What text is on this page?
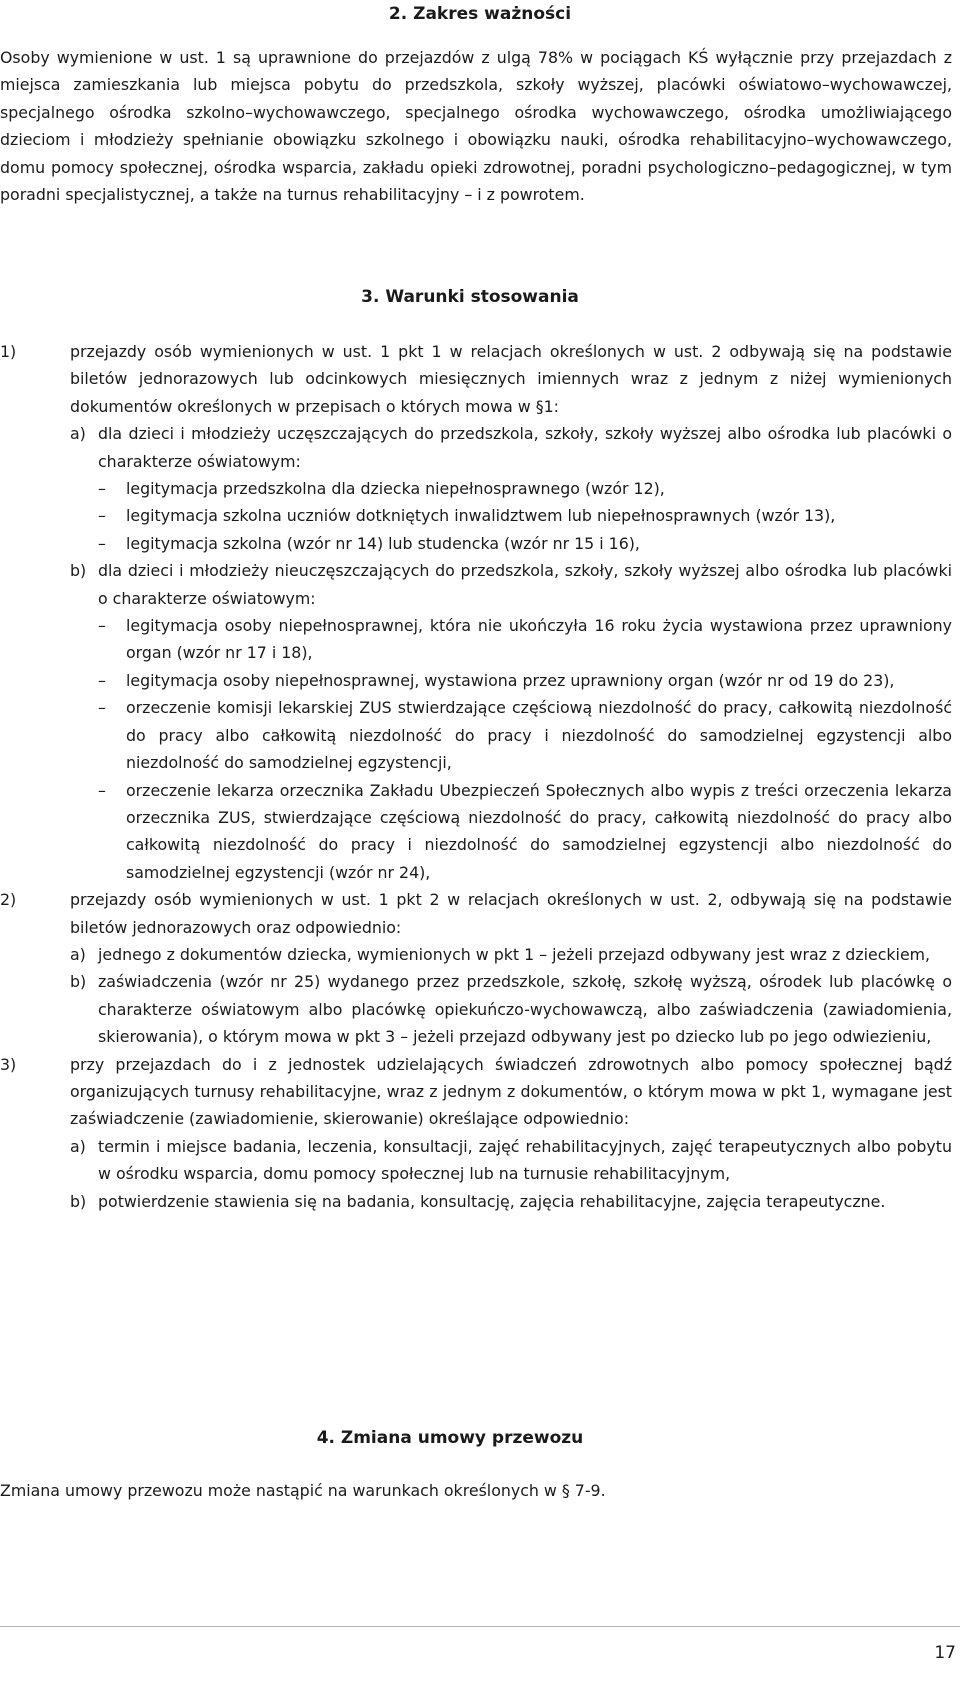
2. Zakres ważności

Osoby wymienione w ust. 1 są uprawnione do przejazdów z ulgą 78% w pociągach KŚ wyłącznie przy przejazdach z miejsca zamieszkania lub miejsca pobytu do przedszkola, szkoły wyższej, placówki oświatowo–wychowawczej, specjalnego ośrodka szkolno–wychowawczego, specjalnego ośrodka wychowawczego, ośrodka umożliwiającego dzieciom i młodzieży spełnianie obowiązku szkolnego i obowiązku nauki, ośrodka rehabilitacyjno–wychowawczego, domu pomocy społecznej, ośrodka wsparcia, zakładu opieki zdrowotnej, poradni psychologiczno–pedagogicznej, w tym poradni specjalistycznej, a także na turnus rehabilitacyjny – i z powrotem.

3. Warunki stosowania
1)	przejazdy osób wymienionych w ust. 1 pkt 1 w relacjach określonych w ust. 2 odbywają się na podstawie biletów jednorazowych lub odcinkowych miesięcznych imiennych wraz z jednym z niżej wymienionych dokumentów określonych w przepisach o których mowa w §1:
a) dla dzieci i młodzieży uczęszczających do przedszkola, szkoły, szkoły wyższej albo ośrodka lub placówki o charakterze oświatowym:
– legitymacja przedszkolna dla dziecka niepełnosprawnego (wzór 12),
– legitymacja szkolna uczniów dotkniętych inwalidztwem lub niepełnosprawnych (wzór 13),
– legitymacja szkolna (wzór nr 14) lub studencka (wzór nr 15 i 16),
b) dla dzieci i młodzieży nieuczęszczających do przedszkola, szkoły, szkoły wyższej albo ośrodka lub placówki o charakterze oświatowym:
– legitymacja osoby niepełnosprawnej, która nie ukończyła 16 roku życia wystawiona przez uprawniony organ (wzór nr 17 i 18),
– legitymacja osoby niepełnosprawnej, wystawiona przez uprawniony organ (wzór nr od 19 do 23),
– orzeczenie komisji lekarskiej ZUS stwierdzające częściową niezdolność do pracy, całkowitą niezdolność do pracy albo całkowitą niezdolność do pracy i niezdolność do samodzielnej egzystencji albo niezdolność do samodzielnej egzystencji,
– orzeczenie lekarza orzecznika Zakładu Ubezpieczeń Społecznych albo wypis z treści orzeczenia lekarza orzecznika ZUS, stwierdzające częściową niezdolność do pracy, całkowitą niezdolność do pracy albo całkowitą niezdolność do pracy i niezdolność do samodzielnej egzystencji albo niezdolność do samodzielnej egzystencji (wzór nr 24),
2)	przejazdy osób wymienionych w ust. 1 pkt 2 w relacjach określonych w ust. 2, odbywają się na podstawie biletów jednorazowych oraz odpowiednio:
a) jednego z dokumentów dziecka, wymienionych w pkt 1 – jeżeli przejazd odbywany jest wraz z dzieckiem,
b) zaświadczenia (wzór nr 25) wydanego przez przedszkole, szkołę, szkołę wyższą, ośrodek lub placówkę o charakterze oświatowym albo placówkę opiekuńczo-wychowawczą, albo zaświadczenia (zawiadomienia, skierowania), o którym mowa w pkt 3 – jeżeli przejazd odbywany jest po dziecko lub po jego odwiezieniu,
3)	przy przejazdach do i z jednostek udzielających świadczeń zdrowotnych albo pomocy społecznej bądź organizujących turnusy rehabilitacyjne, wraz z jednym z dokumentów, o którym mowa w pkt 1, wymagane jest zaświadczenie (zawiadomienie, skierowanie) określające odpowiednio:
a) termin i miejsce badania, leczenia, konsultacji, zajęć rehabilitacyjnych, zajęć terapeutycznych albo pobytu w ośrodku wsparcia, domu pomocy społecznej lub na turnusie rehabilitacyjnym,
b) potwierdzenie stawienia się na badania, konsultację, zajęcia rehabilitacyjne, zajęcia terapeutyczne.
4. Zmiana umowy przewozu

Zmiana umowy przewozu może nastąpić na warunkach określonych w § 7-9.

17
